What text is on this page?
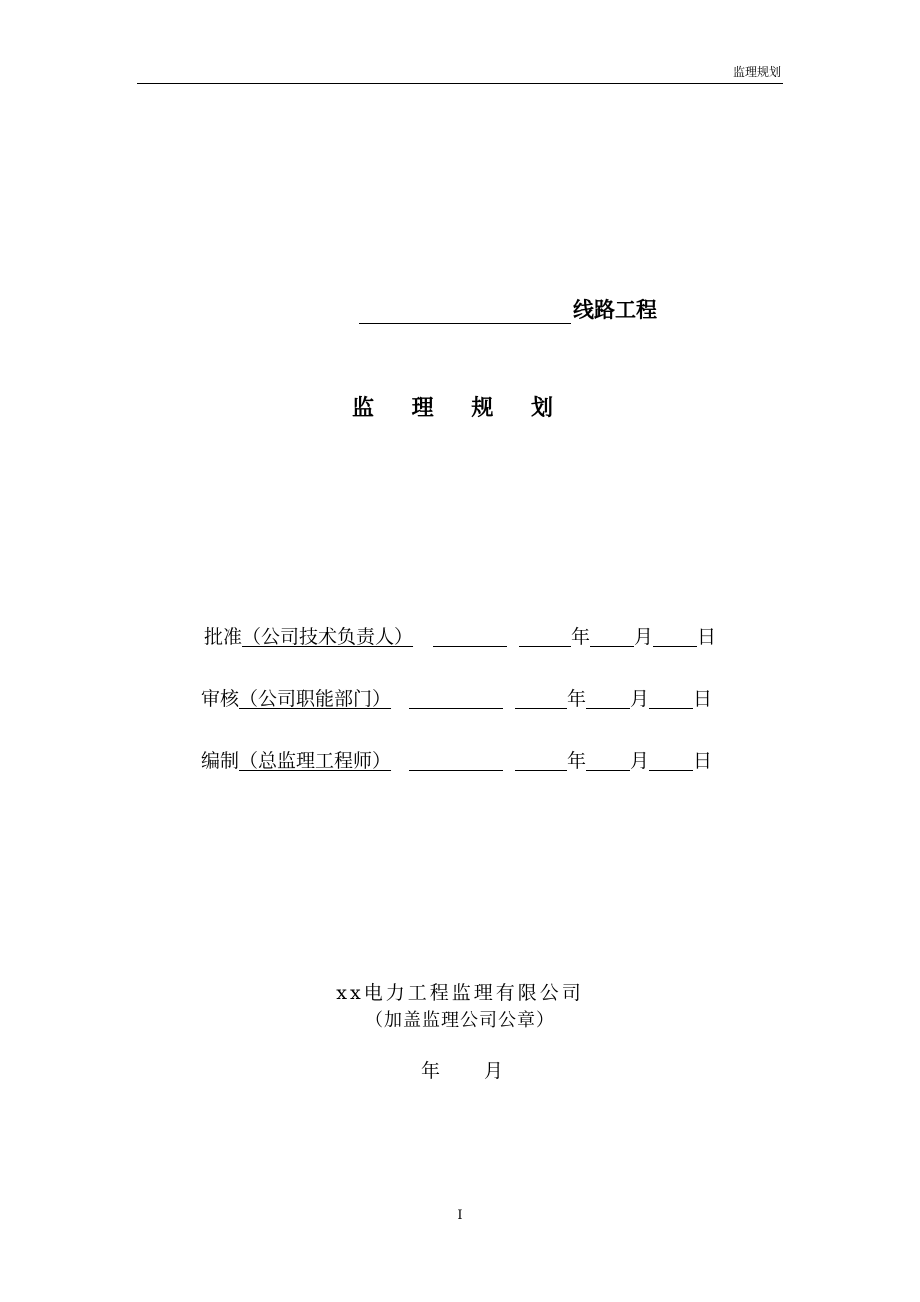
监理规划
线路工程
监 理 规 划
批准（公司技术负责人）	年 月 日
审核（公司职能部门）	年 月 日
编制（总监理工程师）	年 月 日
xx电力工程监理有限公司
（加盖监理公司公章）
年 月
I
